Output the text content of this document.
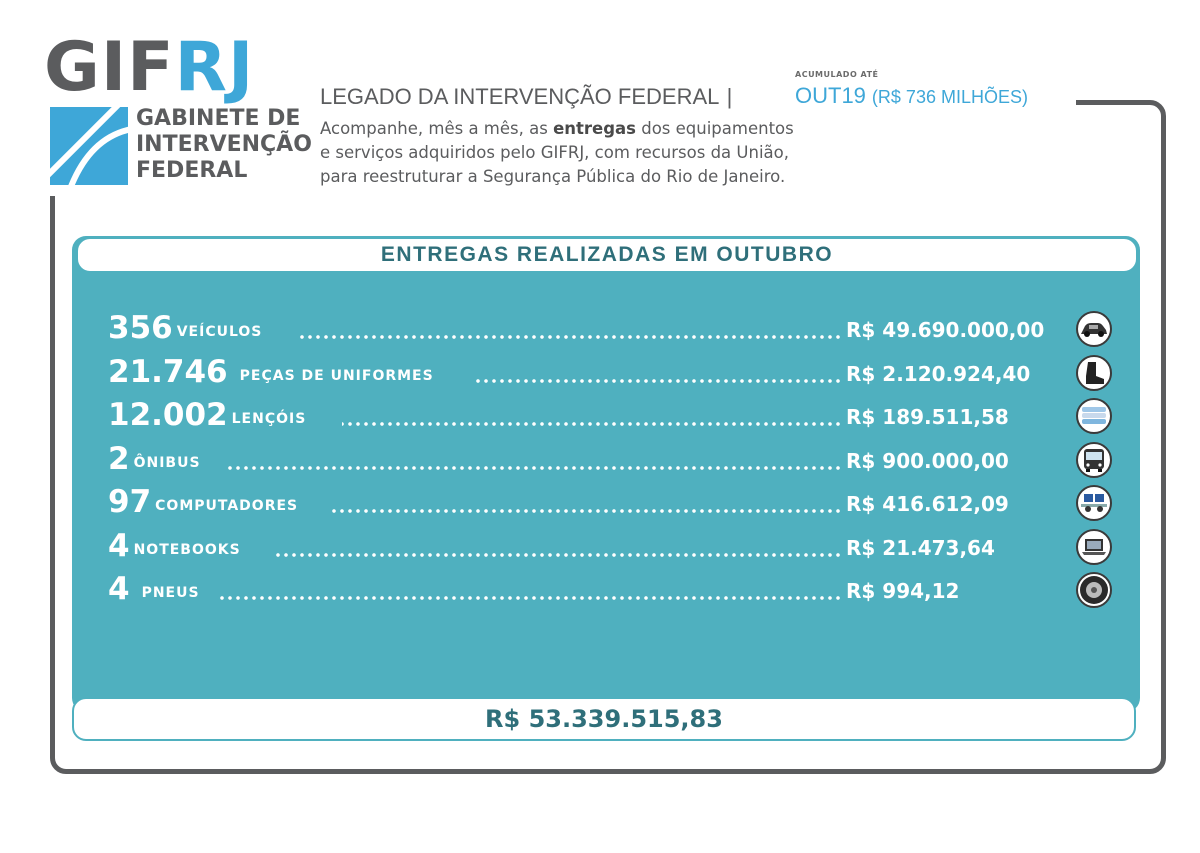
GIFRJ
GABINETE DE
INTERVENÇÃO
FEDERAL
LEGADO DA INTERVENÇÃO FEDERAL |
ACUMULADO ATÉ
OUT19 (R$ 736 MILHÕES)
Acompanhe, mês a mês, as entregas dos equipamentos
e serviços adquiridos pelo GIFRJ, com recursos da União,
para reestruturar a Segurança Pública do Rio de Janeiro.
ENTREGAS REALIZADAS EM OUTUBRO
356 VEÍCULOS	R$ 49.690.000,00
21.746 PEÇAS DE UNIFORMES	R$ 2.120.924,40
12.002 LENÇÓIS	R$ 189.511,58
2 ÔNIBUS	R$ 900.000,00
97 COMPUTADORES	R$ 416.612,09
4 NOTEBOOKS	R$ 21.473,64
4 PNEUS	R$ 994,12
R$ 53.339.515,83
